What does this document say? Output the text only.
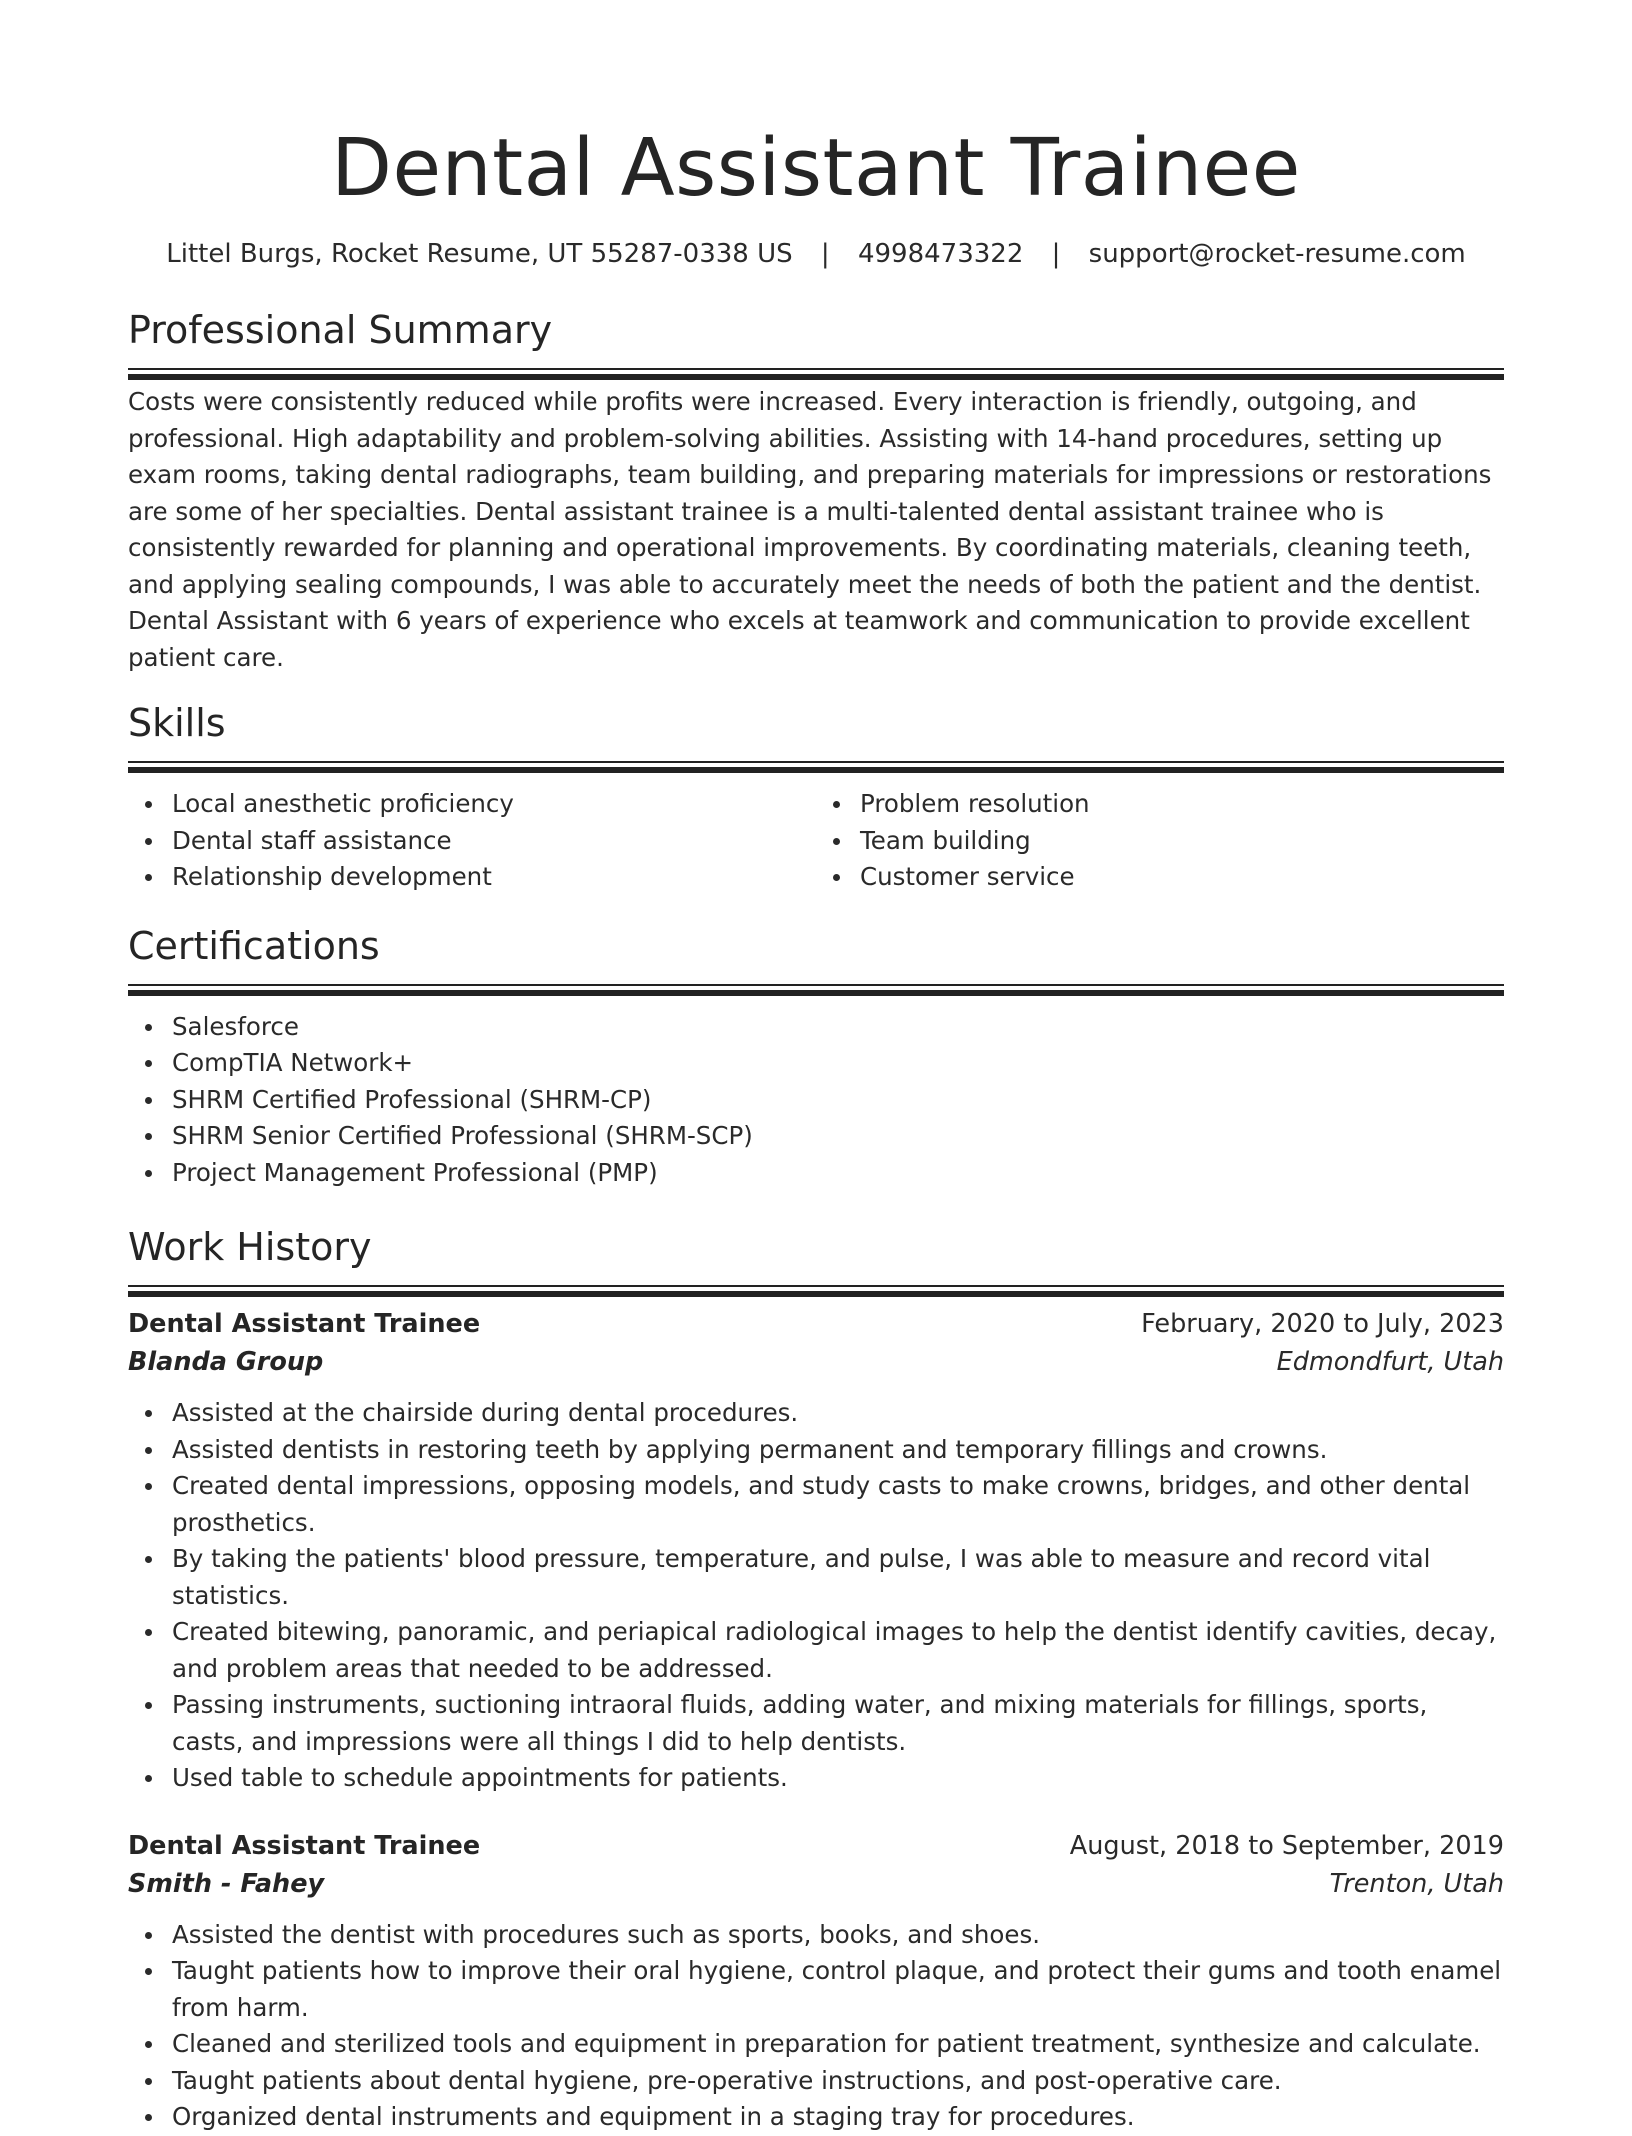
Dental Assistant Trainee
Littel Burgs, Rocket Resume, UT 55287-0338 US | 4998473322 | support@rocket-resume.com
Professional Summary

Costs were consistently reduced while profits were increased. Every interaction is friendly, outgoing, and professional. High adaptability and problem-solving abilities. Assisting with 14-hand procedures, setting up exam rooms, taking dental radiographs, team building, and preparing materials for impressions or restorations are some of her specialties. Dental assistant trainee is a multi-talented dental assistant trainee who is consistently rewarded for planning and operational improvements. By coordinating materials, cleaning teeth, and applying sealing compounds, I was able to accurately meet the needs of both the patient and the dentist. Dental Assistant with 6 years of experience who excels at teamwork and communication to provide excellent patient care.

Skills
Local anesthetic proficiency
Dental staff assistance
Relationship development
Problem resolution
Team building
Customer service
Certifications
Salesforce
CompTIA Network+
SHRM Certified Professional (SHRM-CP)
SHRM Senior Certified Professional (SHRM-SCP)
Project Management Professional (PMP)
Work History
Dental Assistant Trainee	February, 2020 to July, 2023
Blanda Group	Edmondfurt, Utah
Assisted at the chairside during dental procedures.
Assisted dentists in restoring teeth by applying permanent and temporary fillings and crowns.
Created dental impressions, opposing models, and study casts to make crowns, bridges, and other dental prosthetics.
By taking the patients' blood pressure, temperature, and pulse, I was able to measure and record vital statistics.
Created bitewing, panoramic, and periapical radiological images to help the dentist identify cavities, decay, and problem areas that needed to be addressed.
Passing instruments, suctioning intraoral fluids, adding water, and mixing materials for fillings, sports, casts, and impressions were all things I did to help dentists.
Used table to schedule appointments for patients.
Dental Assistant Trainee	August, 2018 to September, 2019
Smith - Fahey	Trenton, Utah
Assisted the dentist with procedures such as sports, books, and shoes.
Taught patients how to improve their oral hygiene, control plaque, and protect their gums and tooth enamel from harm.
Cleaned and sterilized tools and equipment in preparation for patient treatment, synthesize and calculate.
Taught patients about dental hygiene, pre-operative instructions, and post-operative care.
Organized dental instruments and equipment in a staging tray for procedures.
